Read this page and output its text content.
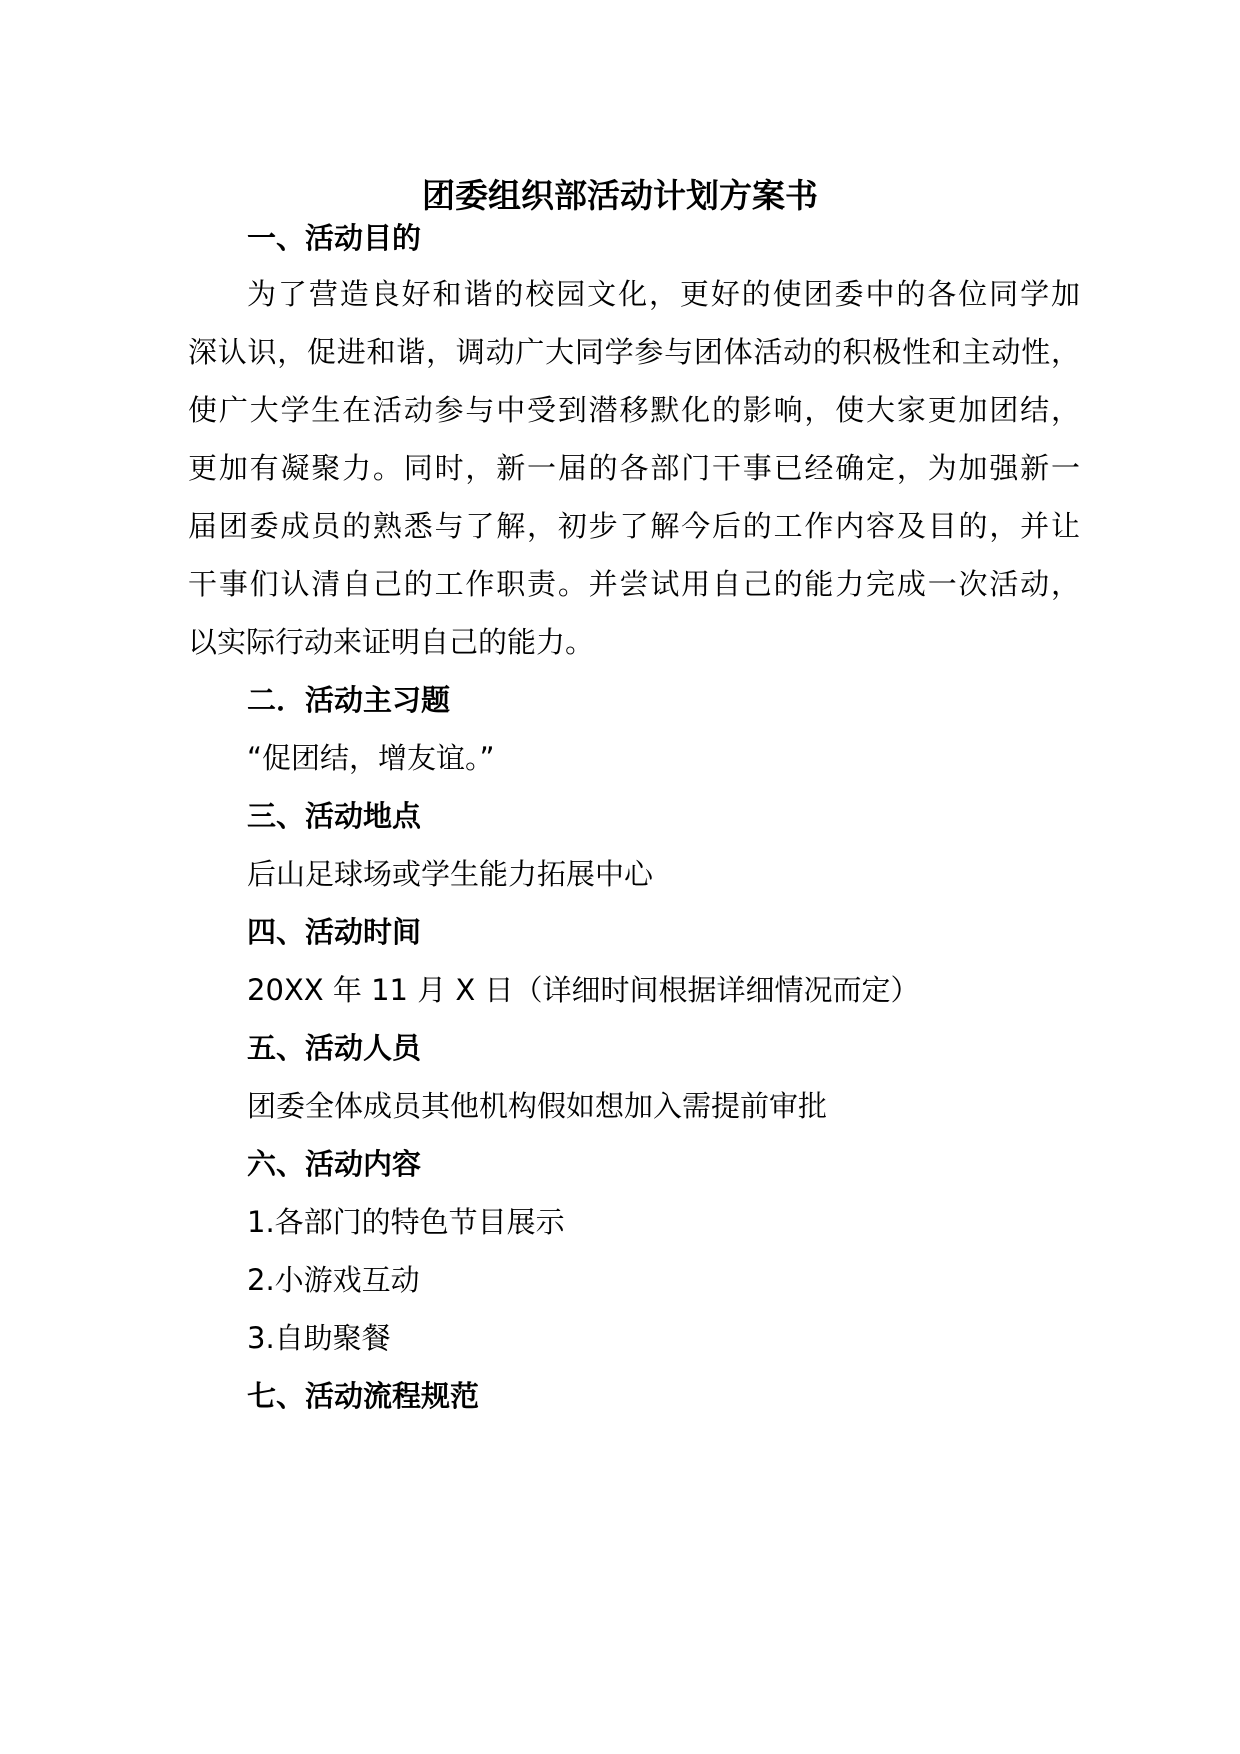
团委组织部活动计划方案书
一、活动目的
为了营造良好和谐的校园文化，更好的使团委中的各位同学加
深认识，促进和谐，调动广大同学参与团体活动的积极性和主动性，
使广大学生在活动参与中受到潜移默化的影响，使大家更加团结，
更加有凝聚力。同时，新一届的各部门干事已经确定，为加强新一
届团委成员的熟悉与了解，初步了解今后的工作内容及目的，并让
干事们认清自己的工作职责。并尝试用自己的能力完成一次活动，
以实际行动来证明自己的能力。
二．活动主习题
“促团结，增友谊。”
三、活动地点
后山足球场或学生能力拓展中心
四、活动时间
20XX 年 11 月 X 日（详细时间根据详细情况而定）
五、活动人员
团委全体成员其他机构假如想加入需提前审批
六、活动内容
1.各部门的特色节目展示
2.小游戏互动
3.自助聚餐
七、活动流程规范
